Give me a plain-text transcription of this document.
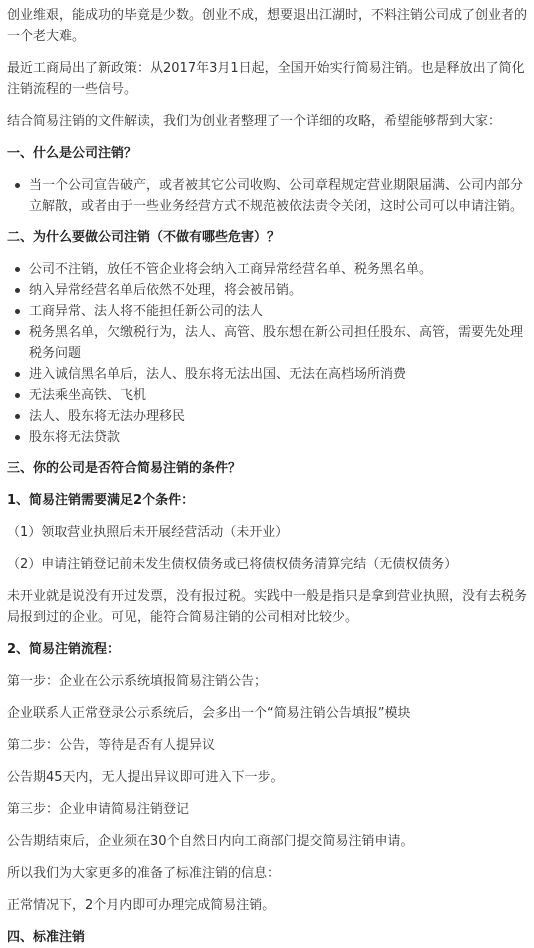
创业维艰，能成功的毕竟是少数。创业不成，想要退出江湖时，不料注销公司成了创业者的一个老大难。

最近工商局出了新政策：从2017年3月1日起，全国开始实行简易注销。也是释放出了简化注销流程的一些信号。

结合简易注销的文件解读，我们为创业者整理了一个详细的攻略，希望能够帮到大家：

一、什么是公司注销？

当一个公司宣告破产，或者被其它公司收购、公司章程规定营业期限届满、公司内部分立解散，或者由于一些业务经营方式不规范被依法责令关闭，这时公司可以申请注销。

二、为什么要做公司注销（不做有哪些危害）？

公司不注销，放任不管企业将会纳入工商异常经营名单、税务黑名单。
纳入异常经营名单后依然不处理，将会被吊销。
工商异常、法人将不能担任新公司的法人
税务黑名单，欠缴税行为，法人、高管、股东想在新公司担任股东、高管，需要先处理税务问题
进入诚信黑名单后，法人、股东将无法出国、无法在高档场所消费
无法乘坐高铁、飞机
法人、股东将无法办理移民
股东将无法贷款

三、你的公司是否符合简易注销的条件？

1、简易注销需要满足2个条件：

（1）领取营业执照后未开展经营活动（未开业）

（2）申请注销登记前未发生债权债务或已将债权债务清算完结（无债权债务）

未开业就是说没有开过发票，没有报过税。实践中一般是指只是拿到营业执照，没有去税务局报到过的企业。可见，能符合简易注销的公司相对比较少。

2、简易注销流程：

第一步：企业在公示系统填报简易注销公告；

企业联系人正常登录公示系统后，会多出一个“简易注销公告填报”模块

第二步：公告，等待是否有人提异议

公告期45天内，无人提出异议即可进入下一步。

第三步：企业申请简易注销登记

公告期结束后，企业须在30个自然日内向工商部门提交简易注销申请。

所以我们为大家更多的准备了标准注销的信息：

正常情况下，2个月内即可办理完成简易注销。

四、标准注销
